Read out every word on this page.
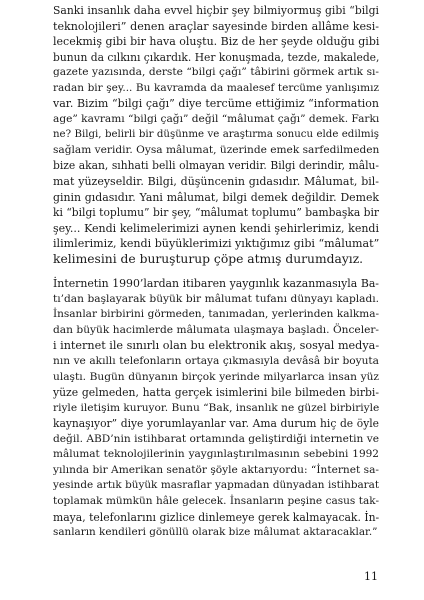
Sanki insanlık daha evvel hiçbir şey bilmiyormuş gibi “bilgi
teknolojileri” denen araçlar sayesinde birden allâme kesi-
lecekmiş gibi bir hava oluştu. Biz de her şeyde olduğu gibi
bunun da cılkını çıkardık. Her konuşmada, tezde, makalede,
gazete yazısında, derste “bilgi çağı” tâbirini görmek artık sı-
radan bir şey... Bu kavramda da maalesef tercüme yanlışımız
var. Bizim “bilgi çağı” diye tercüme ettiğimiz “information
age” kavramı “bilgi çağı” değil “mâlumat çağı” demek. Farkı
ne? Bilgi, belirli bir düşünme ve araştırma sonucu elde edilmiş
sağlam veridir. Oysa mâlumat, üzerinde emek sarfedilmeden
bize akan, sıhhati belli olmayan veridir. Bilgi derindir, mâlu-
mat yüzeyseldir. Bilgi, düşüncenin gıdasıdır. Mâlumat, bil-
ginin gıdasıdır. Yani mâlumat, bilgi demek değildir. Demek
ki “bilgi toplumu” bir şey, “mâlumat toplumu” bambaşka bir
şey... Kendi kelimelerimizi aynen kendi şehirlerimiz, kendi
ilimlerimiz, kendi büyüklerimizi yıktığımız gibi “mâlumat”
kelimesini de buruşturup çöpe atmış durumdayız.
İnternetin 1990’lardan itibaren yaygınlık kazanmasıyla Ba-
tı’dan başlayarak büyük bir mâlumat tufanı dünyayı kapladı.
İnsanlar birbirini görmeden, tanımadan, yerlerinden kalkma-
dan büyük hacimlerde mâlumata ulaşmaya başladı. Önceler-
i internet ile sınırlı olan bu elektronik akış, sosyal medya-
nın ve akıllı telefonların ortaya çıkmasıyla devâsâ bir boyuta
ulaştı. Bugün dünyanın birçok yerinde milyarlarca insan yüz
yüze gelmeden, hatta gerçek isimlerini bile bilmeden birbi-
riyle iletişim kuruyor. Bunu “Bak, insanlık ne güzel birbiriyle
kaynaşıyor” diye yorumlayanlar var. Ama durum hiç de öyle
değil. ABD’nin istihbarat ortamında geliştirdiği internetin ve
mâlumat teknolojilerinin yaygınlaştırılmasının sebebini 1992
yılında bir Amerikan senatör şöyle aktarıyordu: “İnternet sa-
yesinde artık büyük masraflar yapmadan dünyadan istihbarat
toplamak mümkün hâle gelecek. İnsanların peşine casus tak-
maya, telefonlarını gizlice dinlemeye gerek kalmayacak. İn-
sanların kendileri gönüllü olarak bize mâlumat aktaracaklar.”
11
